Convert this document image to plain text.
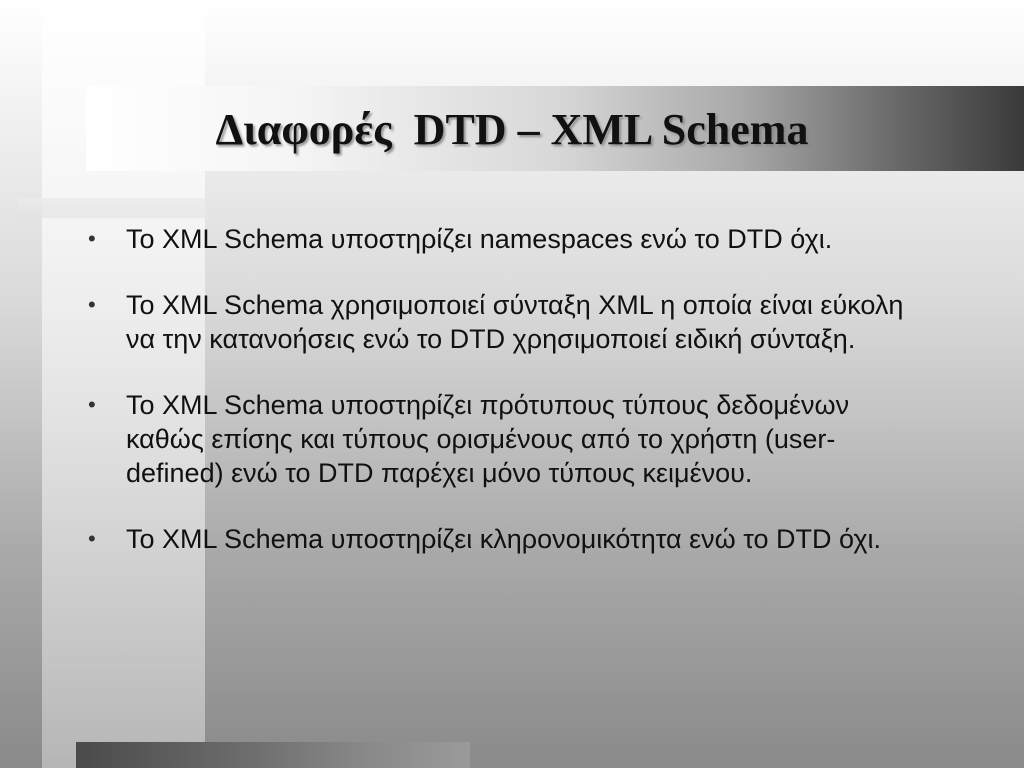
Διαφορές  DTD – XML Schema
• Το XML Schema υποστηρίζει namespaces ενώ το DTD όχι.
• Το XML Schema χρησιμοποιεί σύνταξη XML η οποία είναι εύκολη να την κατανοήσεις ενώ το DTD χρησιμοποιεί ειδική σύνταξη.
• Το XML Schema υποστηρίζει πρότυπους τύπους δεδομένων καθώς επίσης και τύπους ορισμένους από το χρήστη (user-defined) ενώ το DTD παρέχει μόνο τύπους κειμένου.
• Το XML Schema υποστηρίζει κληρονομικότητα ενώ το DTD όχι.
